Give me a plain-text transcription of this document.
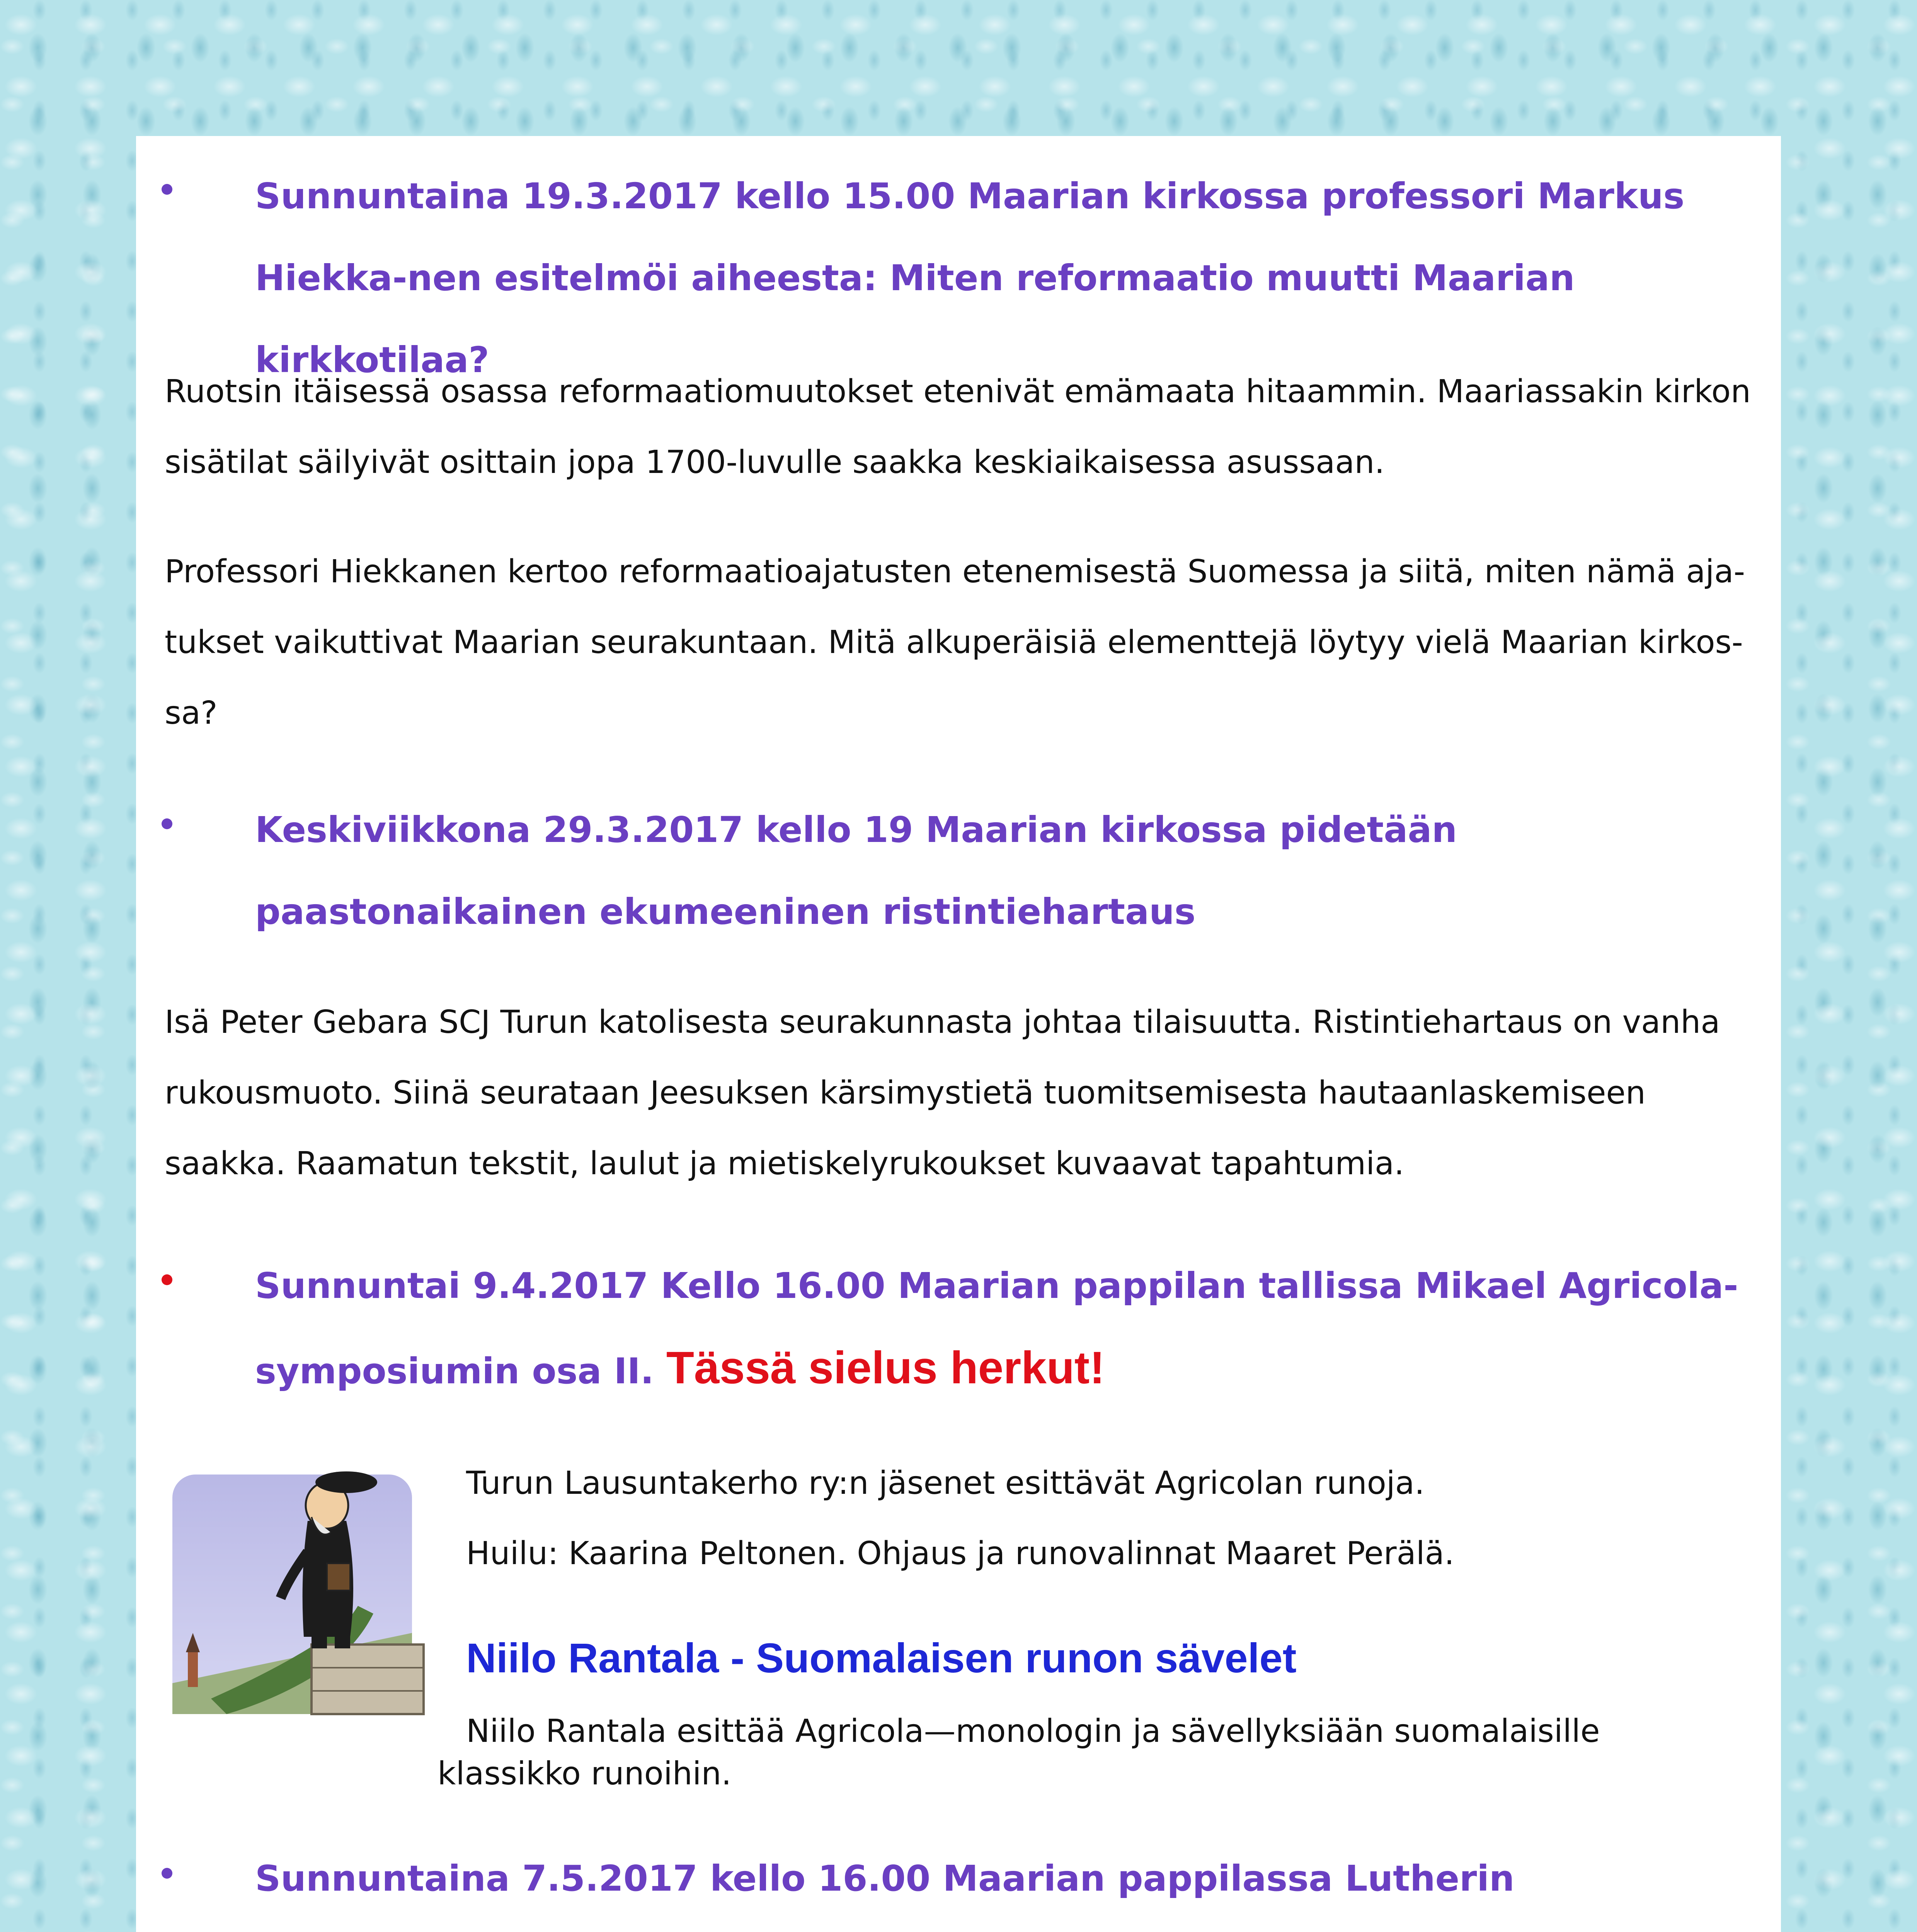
Sunnuntaina 19.3.2017 kello 15.00 Maarian kirkossa professori Markus Hiekka-nen esitelmöi aiheesta: Miten reformaatio muutti Maarian kirkkotilaa?
Ruotsin itäisessä osassa reformaatiomuutokset etenivät emämaata hitaammin. Maariassakin kirkon sisätilat säilyivät osittain jopa 1700-luvulle saakka keskiaikaisessa asussaan.
Professori Hiekkanen kertoo reformaatioajatusten etenemisestä Suomessa ja siitä, miten nämä aja-tukset vaikuttivat Maarian seurakuntaan. Mitä alkuperäisiä elementtejä löytyy vielä Maarian kirkos-sa?
Keskiviikkona 29.3.2017 kello 19 Maarian kirkossa pidetään paastonaikainen ekumeeninen ristintiehartaus
Isä Peter Gebara SCJ Turun katolisesta seurakunnasta johtaa tilaisuutta. Ristintiehartaus on vanha rukousmuoto. Siinä seurataan Jeesuksen kärsimystietä tuomitsemisesta hautaanlaskemiseen saakka. Raamatun tekstit, laulut ja mietiskelyrukoukset kuvaavat tapahtumia.
Sunnuntai 9.4.2017 Kello 16.00 Maarian pappilan tallissa Mikael Agricola-symposiumin osa II. Tässä sielus herkut!
Turun Lausuntakerho ry:n jäsenet esittävät Agricolan runoja.
Huilu: Kaarina Peltonen. Ohjaus ja runovalinnat Maaret Perälä.
Niilo Rantala - Suomalaisen runon sävelet
Niilo Rantala esittää Agricola—monologin ja sävellyksiään suomalaisille klassikko runoihin.
Sunnuntaina 7.5.2017 kello 16.00 Maarian pappilassa Lutherin
